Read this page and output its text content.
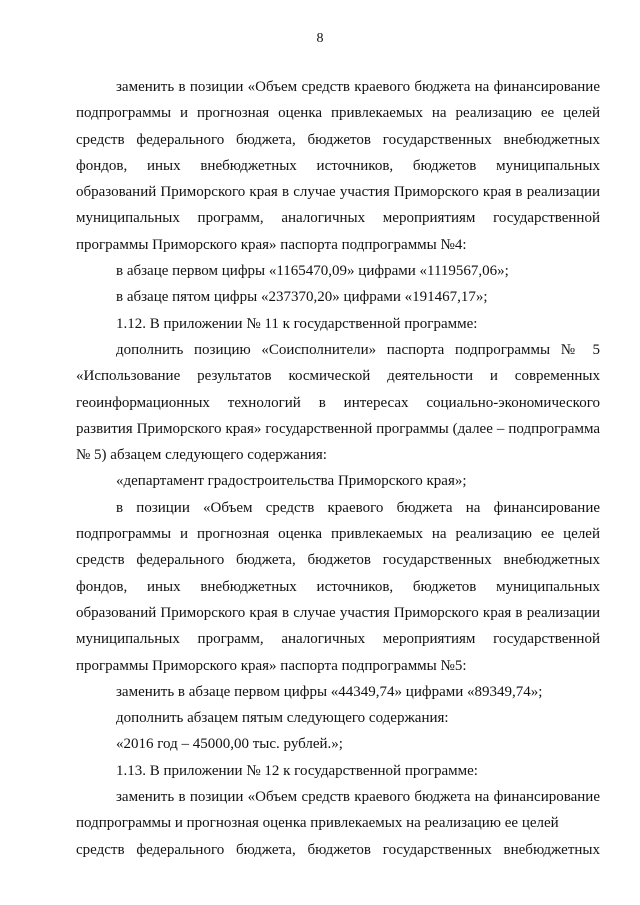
8

заменить в позиции «Объем средств краевого бюджета на финансирование подпрограммы и прогнозная оценка привлекаемых на реализацию ее целей средств федерального бюджета, бюджетов государственных внебюджетных фондов, иных внебюджетных источников, бюджетов муниципальных образований Приморского края в случае участия Приморского края в реализации муниципальных программ, аналогичных мероприятиям государственной программы Приморского края» паспорта подпрограммы №4:

в абзаце первом цифры «1165470,09» цифрами «1119567,06»;

в абзаце пятом цифры «237370,20» цифрами «191467,17»;

1.12. В приложении № 11 к государственной программе:

дополнить позицию «Соисполнители» паспорта подпрограммы № 5 «Использование результатов космической деятельности и современных геоинформационных технологий в интересах социально-экономического развития Приморского края» государственной программы (далее – подпрограмма № 5) абзацем следующего содержания:

«департамент градостроительства Приморского края»;

в позиции «Объем средств краевого бюджета на финансирование подпрограммы и прогнозная оценка привлекаемых на реализацию ее целей средств федерального бюджета, бюджетов государственных внебюджетных фондов, иных внебюджетных источников, бюджетов муниципальных образований Приморского края в случае участия Приморского края в реализации муниципальных программ, аналогичных мероприятиям государственной программы Приморского края» паспорта подпрограммы №5:

заменить в абзаце первом цифры «44349,74» цифрами «89349,74»;

дополнить абзацем пятым следующего содержания:

«2016 год – 45000,00 тыс. рублей.»;

1.13. В приложении № 12 к государственной программе:

заменить в позиции «Объем средств краевого бюджета на финансирование подпрограммы и прогнозная оценка привлекаемых на реализацию ее целей

средств федерального бюджета, бюджетов государственных внебюджетных
